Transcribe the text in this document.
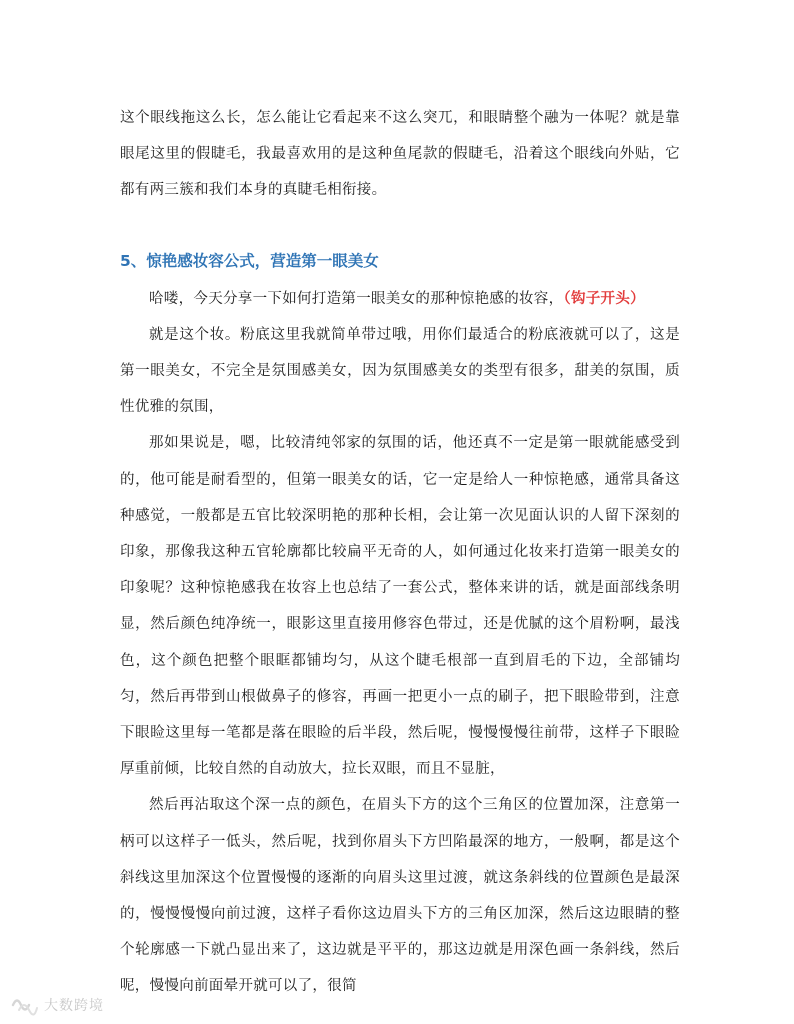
这个眼线拖这么长，怎么能让它看起来不这么突兀，和眼睛整个融为一体呢？就是靠眼尾这里的假睫毛，我最喜欢用的是这种鱼尾款的假睫毛，沿着这个眼线向外贴，它都有两三簇和我们本身的真睫毛相衔接。

5、惊艳感妆容公式，营造第一眼美女

哈喽，今天分享一下如何打造第一眼美女的那种惊艳感的妆容，（钩子开头）

就是这个妆。粉底这里我就简单带过哦，用你们最适合的粉底液就可以了，这是第一眼美女，不完全是氛围感美女，因为氛围感美女的类型有很多，甜美的氛围，质性优雅的氛围，

那如果说是，嗯，比较清纯邻家的氛围的话，他还真不一定是第一眼就能感受到的，他可能是耐看型的，但第一眼美女的话，它一定是给人一种惊艳感，通常具备这种感觉，一般都是五官比较深明艳的那种长相，会让第一次见面认识的人留下深刻的印象，那像我这种五官轮廓都比较扁平无奇的人，如何通过化妆来打造第一眼美女的印象呢？这种惊艳感我在妆容上也总结了一套公式，整体来讲的话，就是面部线条明显，然后颜色纯净统一，眼影这里直接用修容色带过，还是优腻的这个眉粉啊，最浅色，这个颜色把整个眼眶都铺均匀，从这个睫毛根部一直到眉毛的下边，全部铺均匀，然后再带到山根做鼻子的修容，再画一把更小一点的刷子，把下眼睑带到，注意下眼睑这里每一笔都是落在眼睑的后半段，然后呢，慢慢慢慢往前带，这样子下眼睑厚重前倾，比较自然的自动放大，拉长双眼，而且不显脏，

然后再沾取这个深一点的颜色，在眉头下方的这个三角区的位置加深，注意第一柄可以这样子一低头，然后呢，找到你眉头下方凹陷最深的地方，一般啊，都是这个斜线这里加深这个位置慢慢的逐渐的向眉头这里过渡，就这条斜线的位置颜色是最深的，慢慢慢慢向前过渡，这样子看你这边眉头下方的三角区加深，然后这边眼睛的整个轮廓感一下就凸显出来了，这边就是平平的，那这边就是用深色画一条斜线，然后呢，慢慢向前面晕开就可以了，很简

大数跨境
